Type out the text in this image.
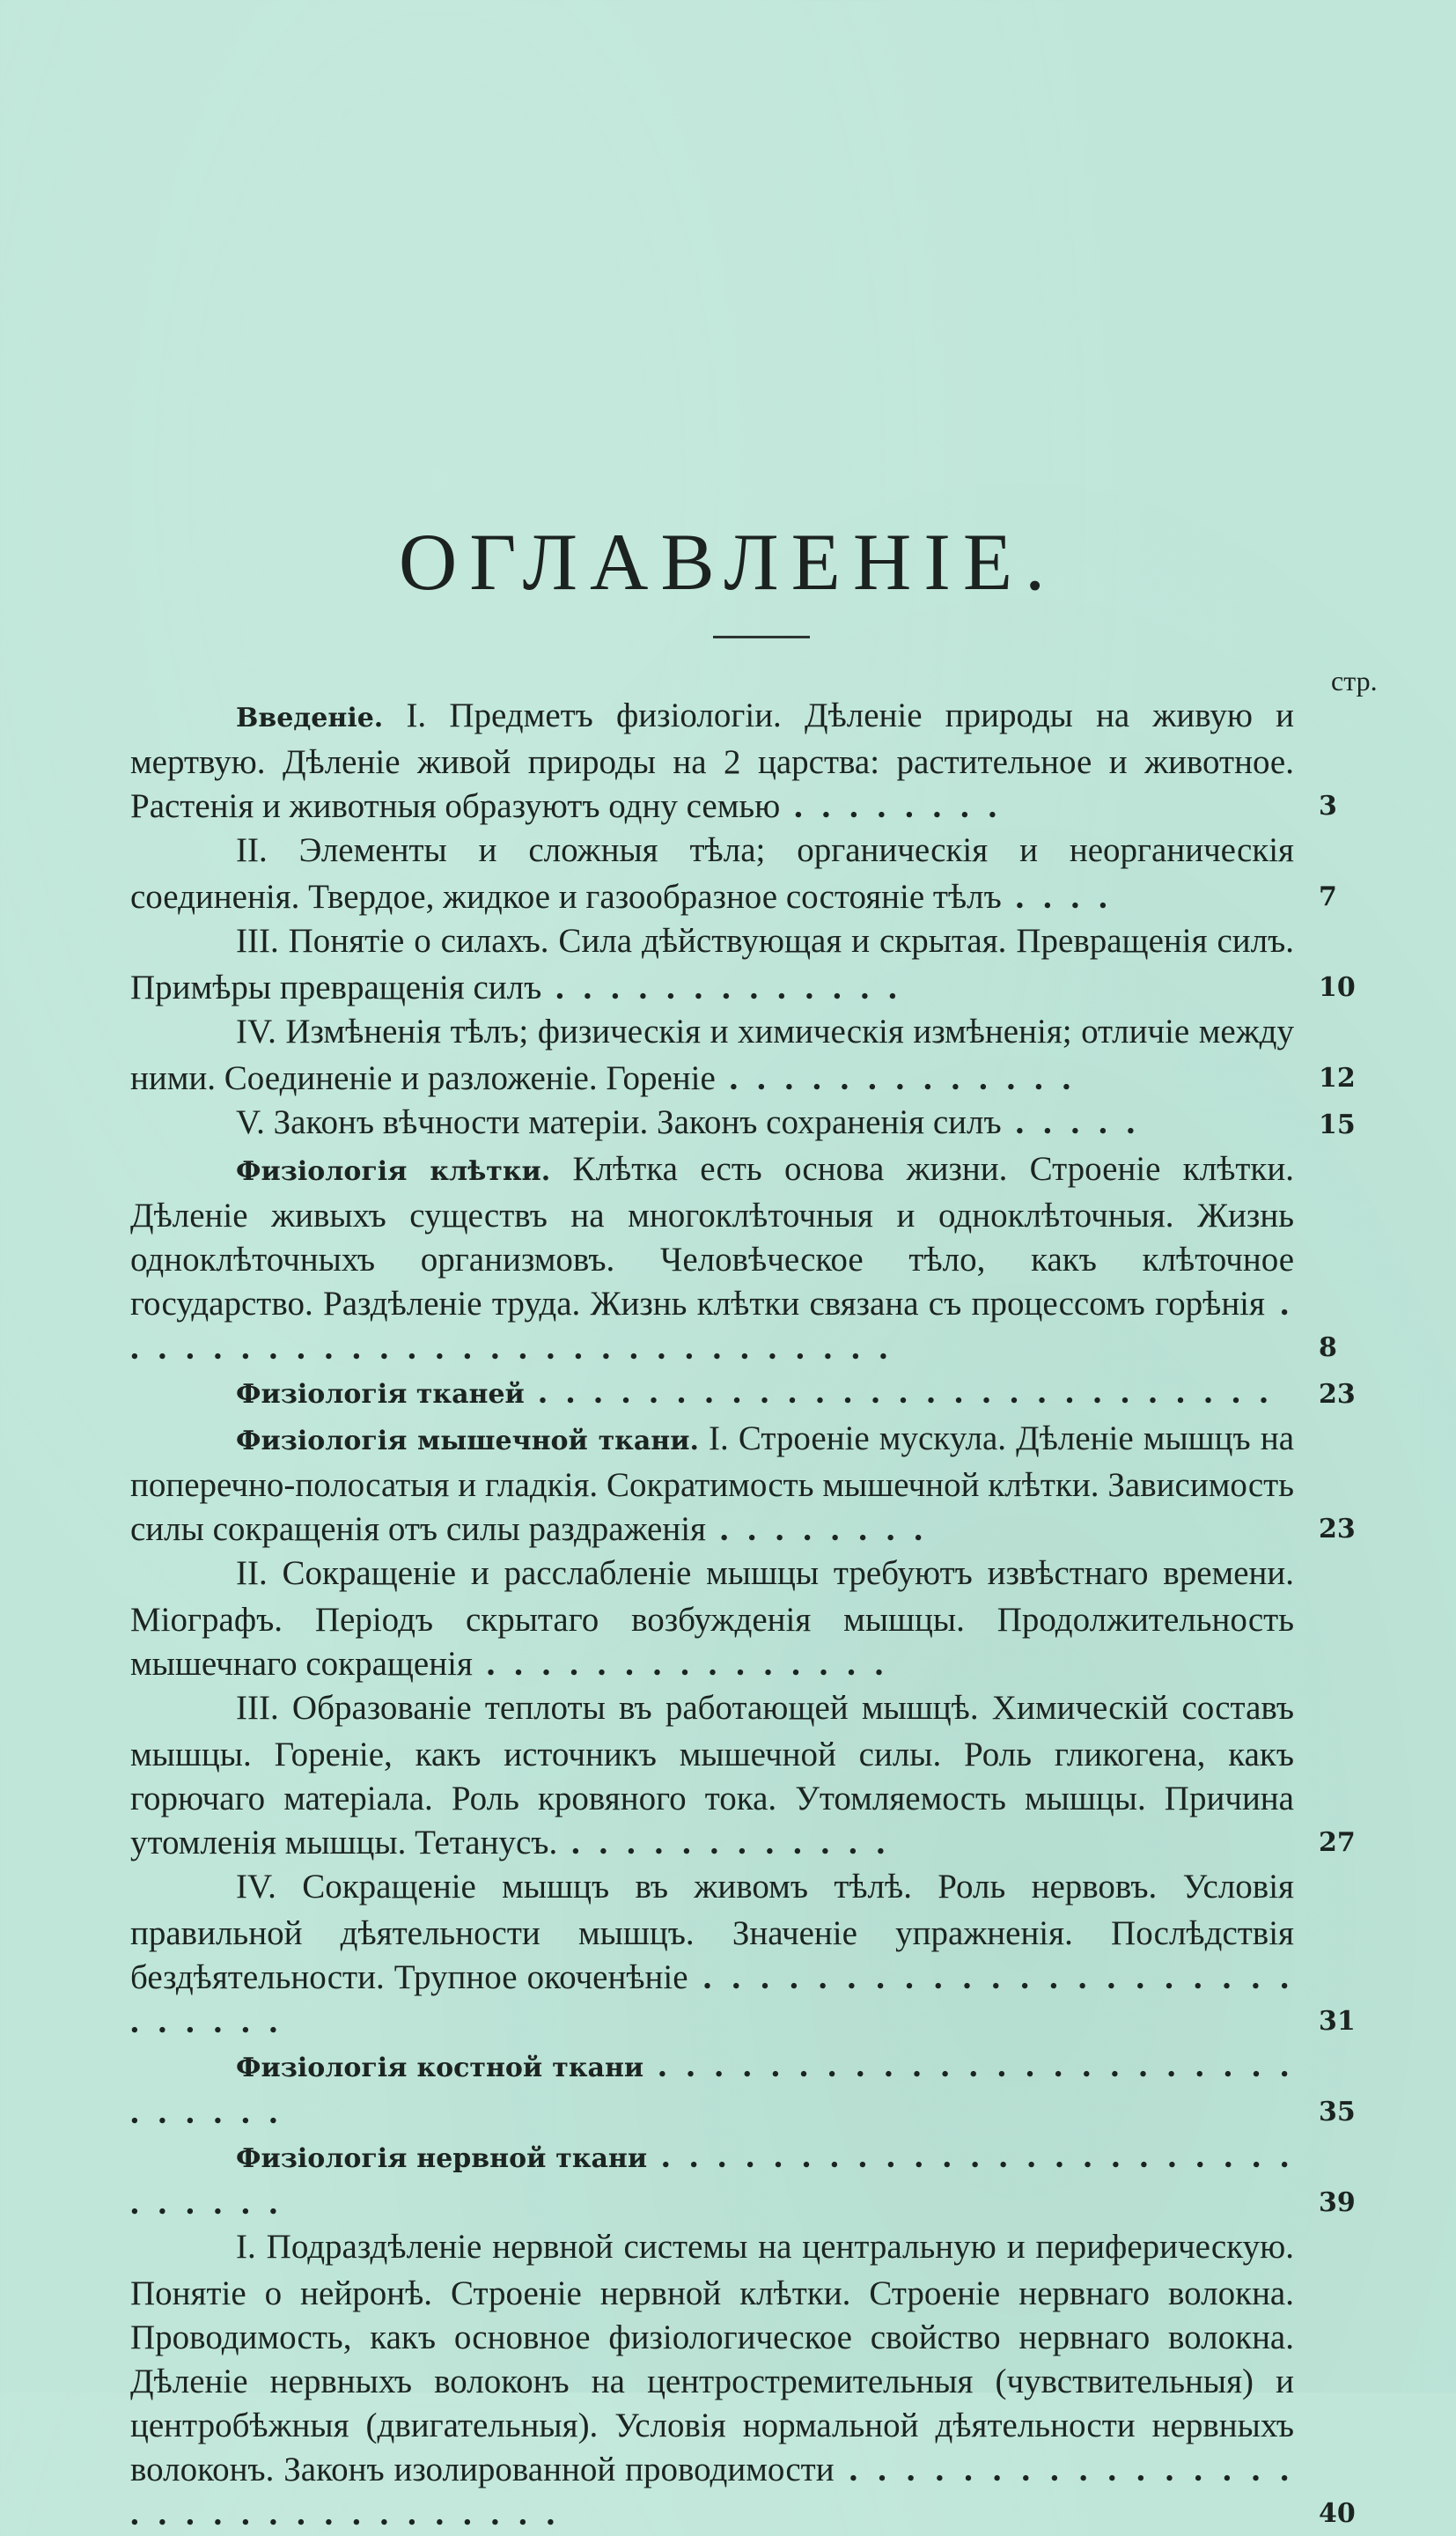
ОГЛАВЛЕНІЕ.
стр.
Введеніе. I. Предметъ физіологіи. Дѣленіе природы на живую и мертвую. Дѣленіе живой природы на 2 царства: растительное и животное. Растенія и животныя образуютъ одну семью . . . . . . . .	3
II. Элементы и сложныя тѣла; органическія и неорганическія соединенія. Твердое, жидкое и газообразное состояніе тѣлъ . . . .	7
III. Понятіе о силахъ. Сила дѣйствующая и скрытая. Превращенія силъ. Примѣры превращенія силъ . . . . . . . . . . . . .	10
IV. Измѣненія тѣлъ; физическія и химическія измѣненія; отличіе между ними. Соединеніе и разложеніе. Гореніе . . . . . . . . . . . . .	12
V. Законъ вѣчности матеріи. Законъ сохраненія силъ . . . . .	15
Физіологія клѣтки. Клѣтка есть основа жизни. Строеніе клѣтки. Дѣленіе живыхъ существъ на многоклѣточныя и одноклѣточныя. Жизнь одноклѣточныхъ организмовъ. Человѣческое тѣло, какъ клѣточное государство. Раздѣленіе труда. Жизнь клѣтки связана съ процессомъ горѣнія . . . . . . . . . . . . . . . . . . . . . . . . . . . . .	8
Физіологія тканей . . . . . . . . . . . . . . . . . . . . . . . . . . .	23
Физіологія мышечной ткани. I. Строеніе мускула. Дѣленіе мышцъ на поперечно-полосатыя и гладкія. Сократимость мышечной клѣтки. Зависимость силы сокращенія отъ силы раздраженія . . . . . . . .	23
II. Сокращеніе и расслабленіе мышцы требуютъ извѣстнаго времени. Міографъ. Періодъ скрытаго возбужденія мышцы. Продолжительность мышечнаго сокращенія . . . . . . . . . . . . . . .
III. Образованіе теплоты въ работающей мышцѣ. Химическій составъ мышцы. Гореніе, какъ источникъ мышечной силы. Роль гликогена, какъ горючаго матеріала. Роль кровяного тока. Утомляемость мышцы. Причина утомленія мышцы. Тетанусъ. . . . . . . . . . . . .	27
IV. Сокращеніе мышцъ въ живомъ тѣлѣ. Роль нервовъ. Условія правильной дѣятельности мышцъ. Значеніе упражненія. Послѣдствія бездѣятельности. Трупное окоченѣніе . . . . . . . . . . . . . . . . . . . . . . . . . . .	31
Физіологія костной ткани . . . . . . . . . . . . . . . . . . . . . . . . . . . . .	35
Физіологія нервной ткани . . . . . . . . . . . . . . . . . . . . . . . . . . . . .	39
I. Подраздѣленіе нервной системы на центральную и периферическую. Понятіе о нейронѣ. Строеніе нервной клѣтки. Строеніе нервнаго волокна. Проводимость, какъ основное физіологическое свойство нервнаго волокна. Дѣленіе нервныхъ волоконъ на центростремительныя (чувствительныя) и центробѣжныя (двигательныя). Условія нормальной дѣятельности нервныхъ волоконъ. Законъ изолированной проводимости . . . . . . . . . . . . . . . . . . . . . . . . . . . . . . . .	40
